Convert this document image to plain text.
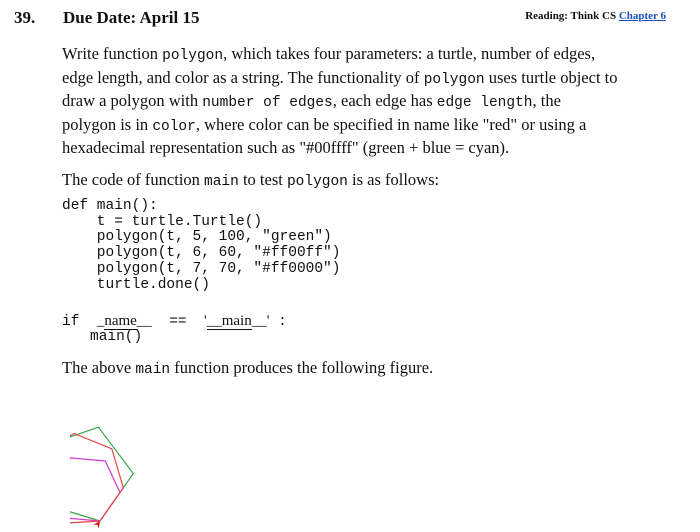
39. Due Date: April 15	Reading: Think CS Chapter 6
Write function polygon, which takes four parameters: a turtle, number of edges,
edge length, and color as a string. The functionality of polygon uses turtle object to
draw a polygon with number of edges, each edge has edge length, the
polygon is in color, where color can be specified in name like "red" or using a
hexadecimal representation such as "#00ffff" (green + blue = cyan).
The code of function main to test polygon is as follows:
def main():
t = turtle.Turtle()
polygon(t, 5, 100, "green")
polygon(t, 6, 60, "#ff00ff")
polygon(t, 7, 70, "#ff0000")
turtle.done()
if _name__ == '__main__' :
main()
The above main function produces the following figure.
